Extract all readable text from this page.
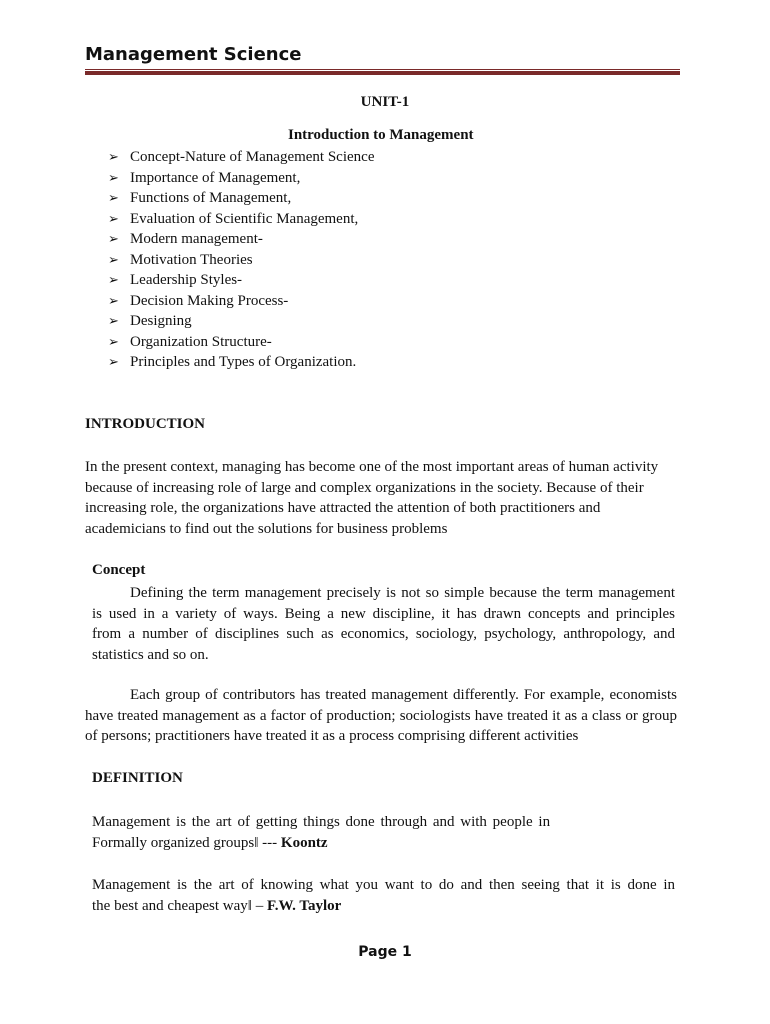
Management Science
UNIT-1
Introduction to Management
➢ Concept-Nature of Management Science
➢ Importance of Management,
➢ Functions of Management,
➢ Evaluation of Scientific Management,
➢ Modern management-
➢ Motivation Theories
➢ Leadership Styles-
➢ Decision Making Process-
➢ Designing
➢ Organization Structure-
➢ Principles and Types of Organization.
INTRODUCTION
In the present context, managing has become one of the most important areas of human activity
because of increasing role of large and complex organizations in the society. Because of their
increasing role, the organizations have attracted the attention of both practitioners and
academicians to find out the solutions for business problems
Concept
Defining the term management precisely is not so simple because the term management
is used in a variety of ways. Being a new discipline, it has drawn concepts and principles
from a number of disciplines such as economics, sociology, psychology, anthropology, and
statistics and so on.
Each group of contributors has treated management differently. For example, economists
have treated management as a factor of production; sociologists have treated it as a class or group
of persons; practitioners have treated it as a process comprising different activities
DEFINITION
Management is the art of getting things done through and with people in
Formally organized groups‖ --- Koontz
Management is the art of knowing what you want to do and then seeing that it is done in
the best and cheapest way‖ – F.W. Taylor
Page 1
